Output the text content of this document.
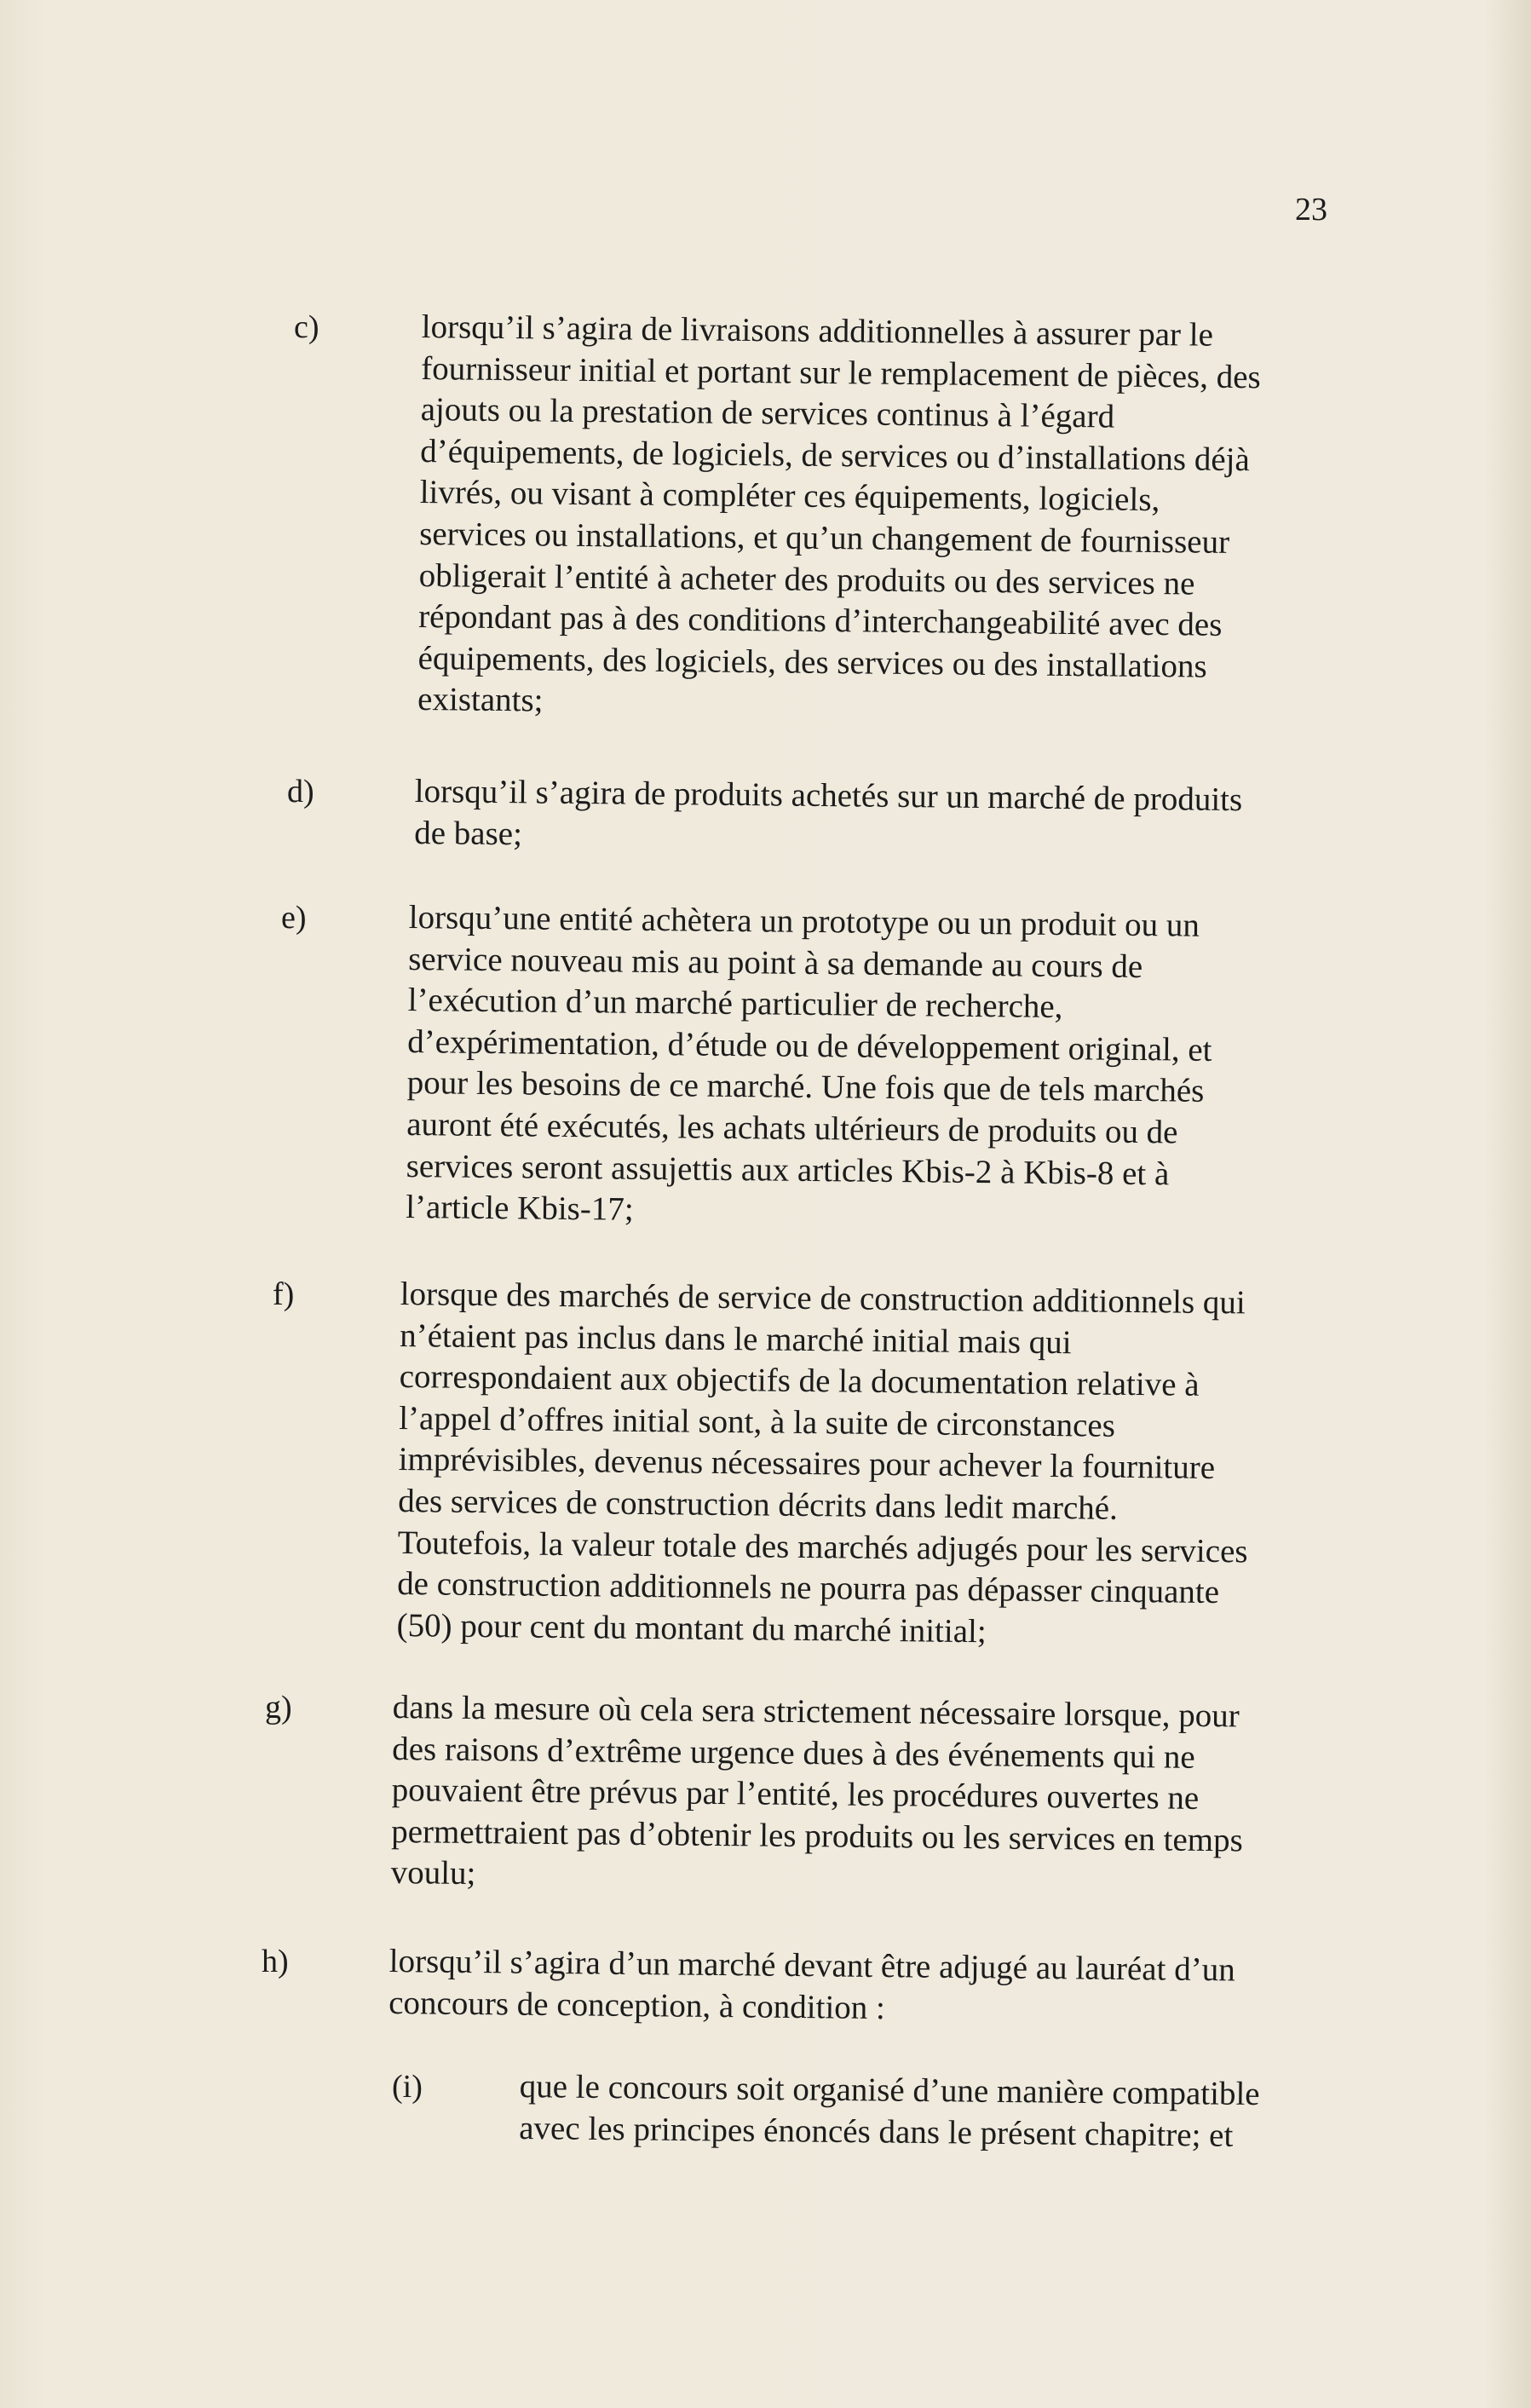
23
c)	lorsqu’il s’agira de livraisons additionnelles à assurer par le fournisseur initial et portant sur le remplacement de pièces, des ajouts ou la prestation de services continus à l’égard d’équipements, de logiciels, de services ou d’installations déjà livrés, ou visant à compléter ces équipements, logiciels, services ou installations, et qu’un changement de fournisseur obligerait l’entité à acheter des produits ou des services ne répondant pas à des conditions d’interchangeabilité avec des équipements, des logiciels, des services ou des installations existants;
d)	lorsqu’il s’agira de produits achetés sur un marché de produits de base;
e)	lorsqu’une entité achètera un prototype ou un produit ou un service nouveau mis au point à sa demande au cours de l’exécution d’un marché particulier de recherche, d’expérimentation, d’étude ou de développement original, et pour les besoins de ce marché. Une fois que de tels marchés auront été exécutés, les achats ultérieurs de produits ou de services seront assujettis aux articles Kbis-2 à Kbis-8 et à l’article Kbis-17;
f)	lorsque des marchés de service de construction additionnels qui n’étaient pas inclus dans le marché initial mais qui correspondaient aux objectifs de la documentation relative à l’appel d’offres initial sont, à la suite de circonstances imprévisibles, devenus nécessaires pour achever la fourniture des services de construction décrits dans ledit marché. Toutefois, la valeur totale des marchés adjugés pour les services de construction additionnels ne pourra pas dépasser cinquante (50) pour cent du montant du marché initial;
g)	dans la mesure où cela sera strictement nécessaire lorsque, pour des raisons d’extrême urgence dues à des événements qui ne pouvaient être prévus par l’entité, les procédures ouvertes ne permettraient pas d’obtenir les produits ou les services en temps voulu;
h)	lorsqu’il s’agira d’un marché devant être adjugé au lauréat d’un concours de conception, à condition :
(i)	que le concours soit organisé d’une manière compatible avec les principes énoncés dans le présent chapitre; et
